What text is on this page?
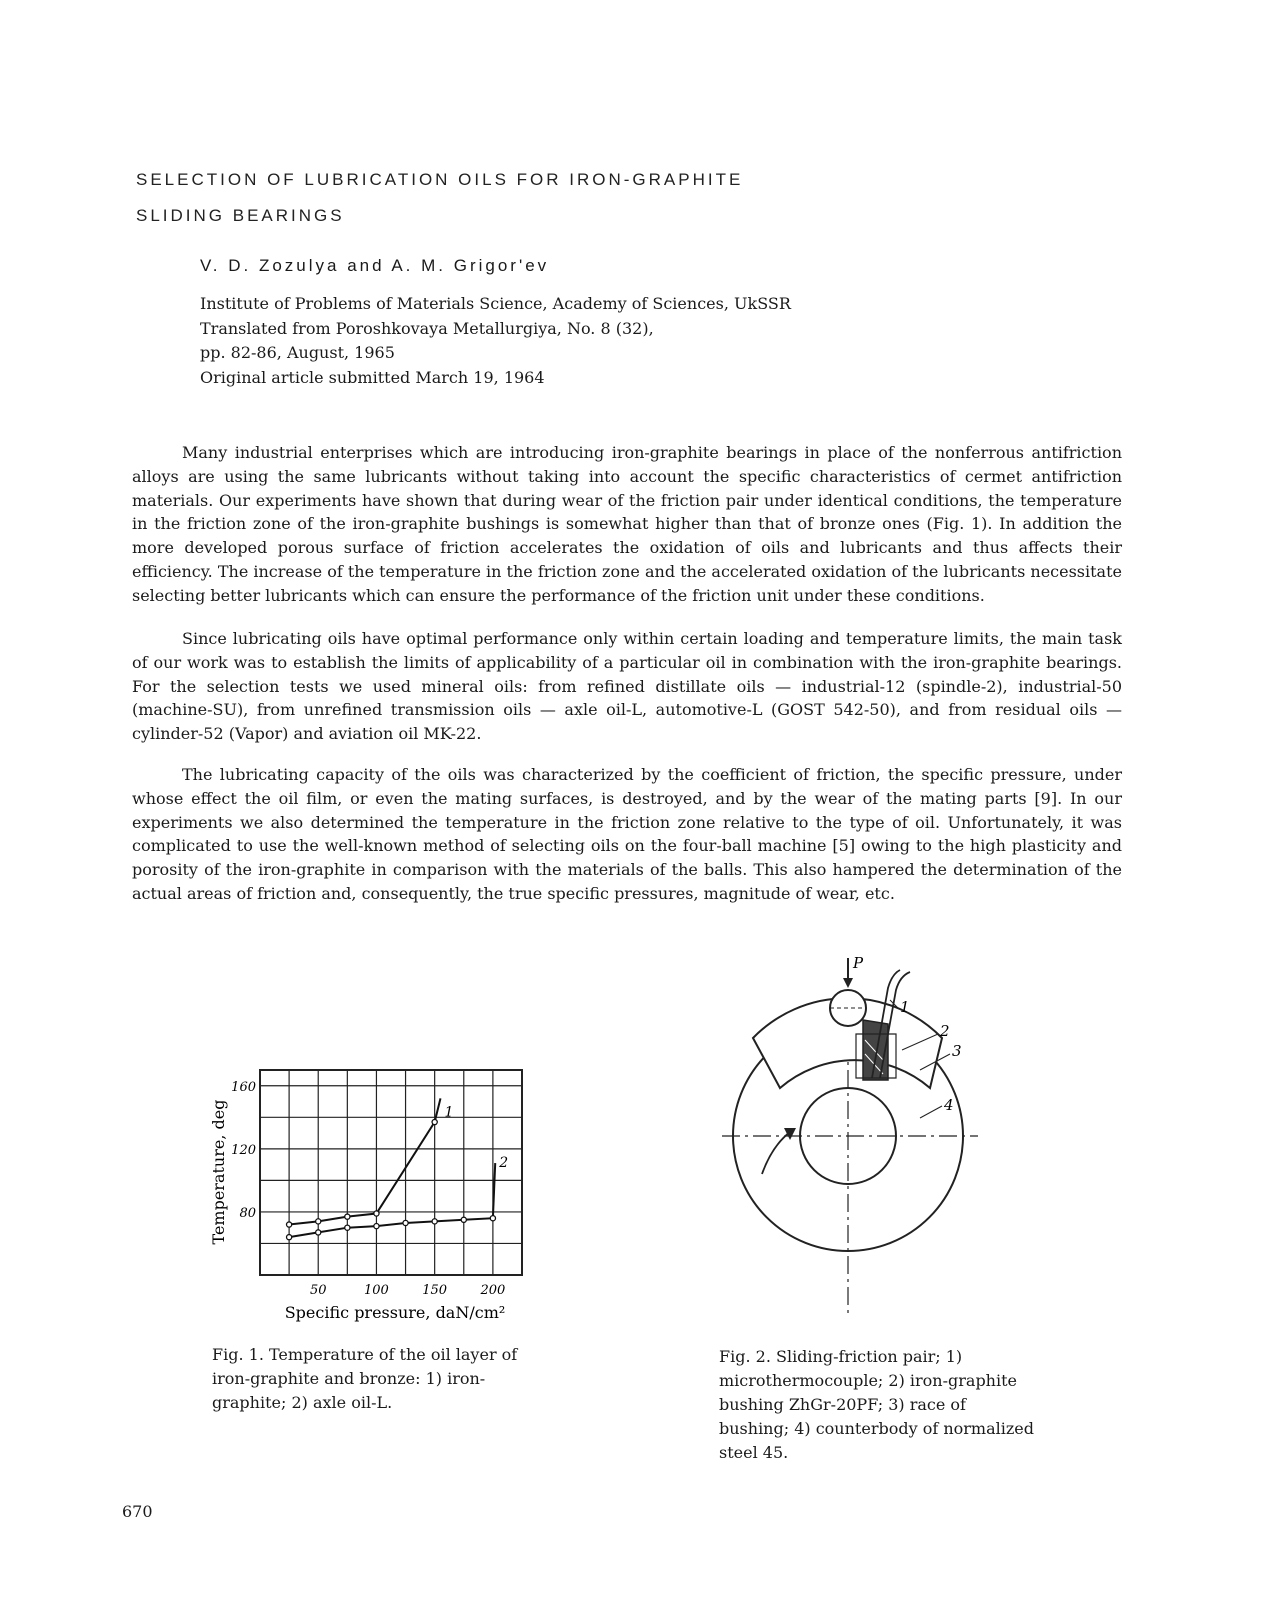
SELECTION OF LUBRICATION OILS FOR IRON-GRAPHITE
SLIDING BEARINGS
V. D. Zozulya and A. M. Grigor'ev
Institute of Problems of Materials Science, Academy of Sciences, UkSSR
Translated from Poroshkovaya Metallurgiya, No. 8 (32),
pp. 82-86, August, 1965
Original article submitted March 19, 1964

Many industrial enterprises which are introducing iron-graphite bearings in place of the nonferrous antifriction alloys are using the same lubricants without taking into account the specific characteristics of cermet antifriction materials. Our experiments have shown that during wear of the friction pair under identical conditions, the temperature in the friction zone of the iron-graphite bushings is somewhat higher than that of bronze ones (Fig. 1). In addition the more developed porous surface of friction accelerates the oxidation of oils and lubricants and thus affects their efficiency. The increase of the temperature in the friction zone and the accelerated oxidation of the lubricants necessitate selecting better lubricants which can ensure the performance of the friction unit under these conditions.

Since lubricating oils have optimal performance only within certain loading and temperature limits, the main task of our work was to establish the limits of applicability of a particular oil in combination with the iron-graphite bearings. For the selection tests we used mineral oils: from refined distillate oils — industrial-12 (spindle-2), industrial-50 (machine-SU), from unrefined transmission oils — axle oil-L, automotive-L (GOST 542-50), and from residual oils — cylinder-52 (Vapor) and aviation oil MK-22.

The lubricating capacity of the oils was characterized by the coefficient of friction, the specific pressure, under whose effect the oil film, or even the mating surfaces, is destroyed, and by the wear of the mating parts [9]. In our experiments we also determined the temperature in the friction zone relative to the type of oil. Unfortunately, it was complicated to use the well-known method of selecting oils on the four-ball machine [5] owing to the high plasticity and porosity of the iron-graphite in comparison with the materials of the balls. This also hampered the determination of the actual areas of friction and, consequently, the true specific pressures, magnitude of wear, etc.

1
2
50	100	150	200
80
120
160
Temperature, deg
Specific pressure, daN/cm²

Fig. 1. Temperature of the oil layer of iron-graphite and bronze: 1) iron-graphite; 2) axle oil-L.

P
1
2
3
4

Fig. 2. Sliding-friction pair; 1) microthermocouple; 2) iron-graphite bushing ZhGr-20PF; 3) race of bushing; 4) counterbody of normalized steel 45.

670
